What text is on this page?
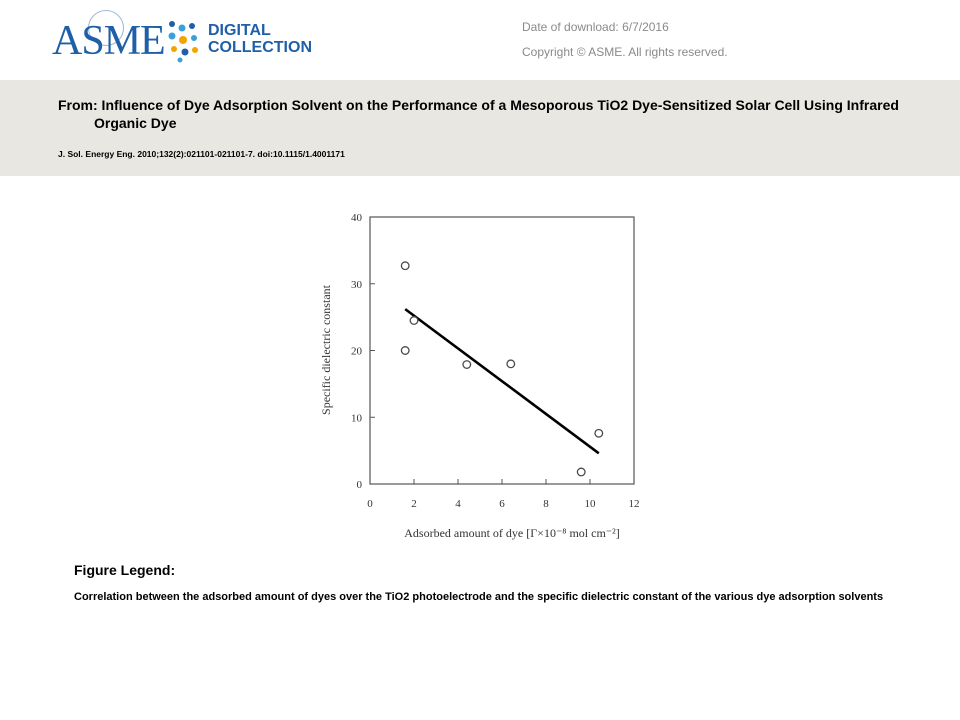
ASME	DIGITAL
COLLECTION
Date of download: 6/7/2016
Copyright © ASME. All rights reserved.
From: Influence of Dye Adsorption Solvent on the Performance of a Mesoporous TiO2 Dye-Sensitized Solar Cell Using Infrared Organic Dye
J. Sol. Energy Eng. 2010;132(2):021101-021101-7. doi:10.1115/1.4001171
0
10
20
30
40
0	2	4	6	8	10	12
Specific dielectric constant
Adsorbed amount of dye [Γ×10⁻⁸ mol cm⁻²]
Figure Legend:
Correlation between the adsorbed amount of dyes over the TiO2 photoelectrode and the specific dielectric constant of the various dye adsorption solvents
